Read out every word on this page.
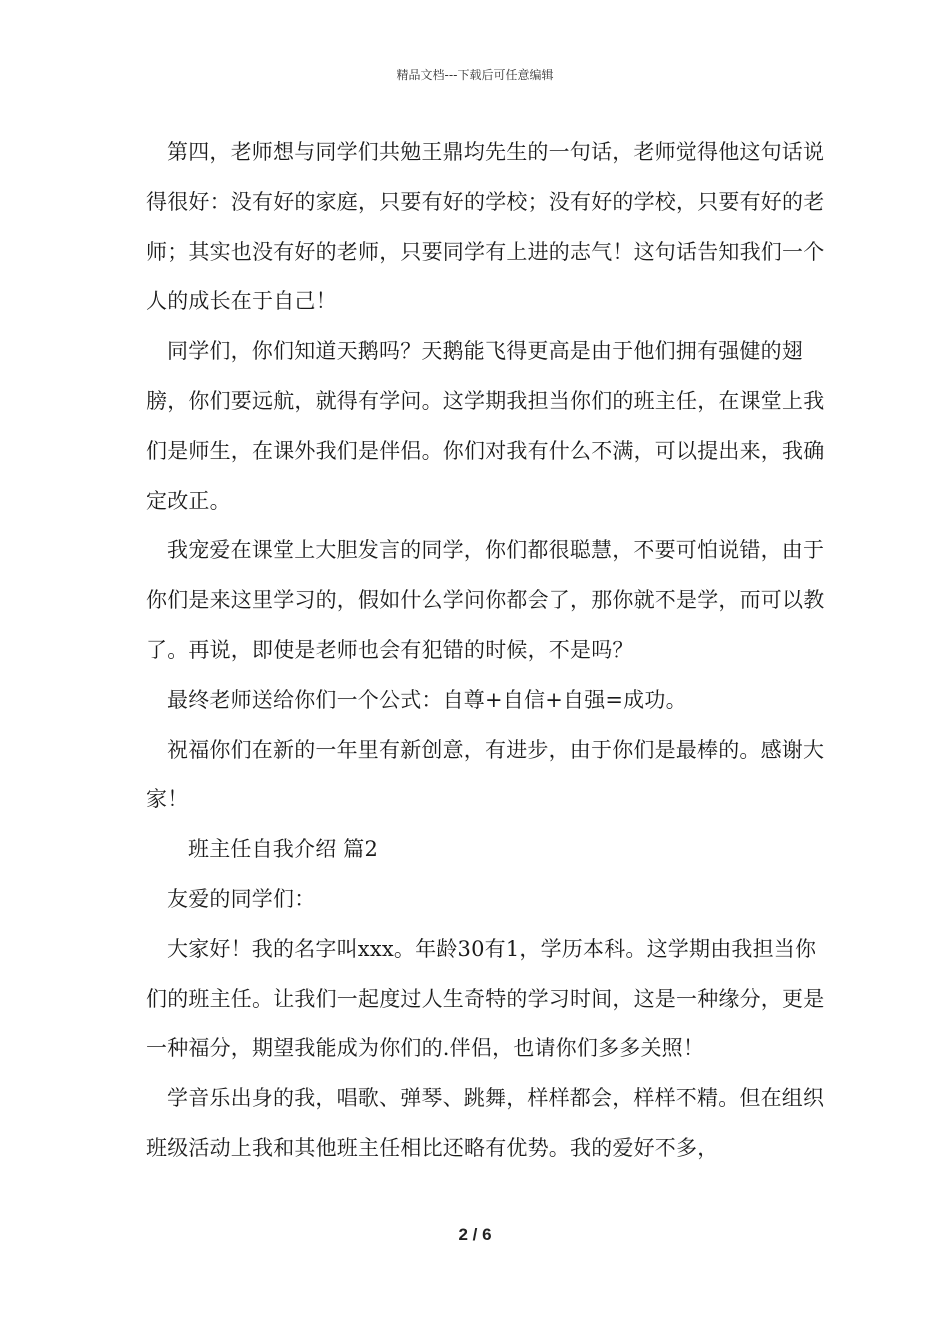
精品文档---下载后可任意编辑

第四，老师想与同学们共勉王鼎均先生的一句话，老师觉得他这句话说得很好：没有好的家庭，只要有好的学校；没有好的学校，只要有好的老师；其实也没有好的老师，只要同学有上进的志气！这句话告知我们一个人的成长在于自己！

同学们，你们知道天鹅吗？天鹅能飞得更高是由于他们拥有强健的翅膀，你们要远航，就得有学问。这学期我担当你们的班主任，在课堂上我们是师生，在课外我们是伴侣。你们对我有什么不满，可以提出来，我确定改正。

我宠爱在课堂上大胆发言的同学，你们都很聪慧，不要可怕说错，由于你们是来这里学习的，假如什么学问你都会了，那你就不是学，而可以教了。再说，即使是老师也会有犯错的时候，不是吗？

最终老师送给你们一个公式：自尊+自信+自强=成功。

祝福你们在新的一年里有新创意，有进步，由于你们是最棒的。感谢大家！

班主任自我介绍 篇2

友爱的同学们：

大家好！我的名字叫xxx。年龄30有1，学历本科。这学期由我担当你们的班主任。让我们一起度过人生奇特的学习时间，这是一种缘分，更是一种福分，期望我能成为你们的.伴侣，也请你们多多关照！

学音乐出身的我，唱歌、弹琴、跳舞，样样都会，样样不精。但在组织班级活动上我和其他班主任相比还略有优势。我的爱好不多，

2 / 6
